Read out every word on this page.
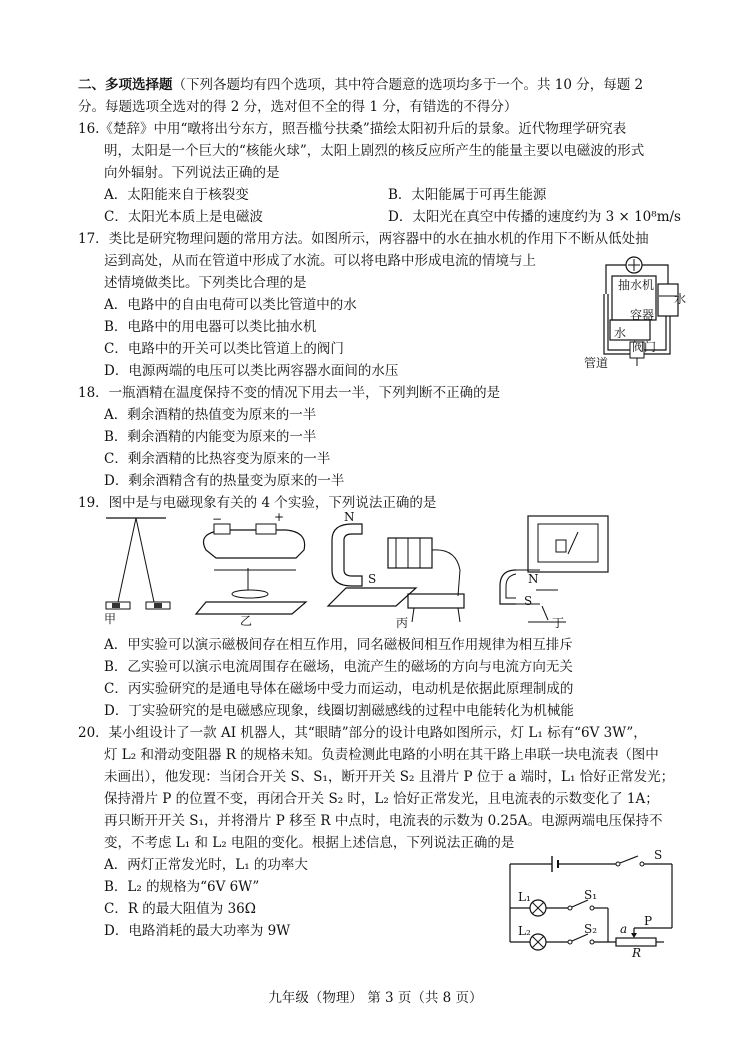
二、多项选择题（下列各题均有四个选项，其中符合题意的选项均多于一个。共 10 分，每题 2
分。每题选项全选对的得 2 分，选对但不全的得 1 分，有错选的不得分）
16.《楚辞》中用“暾将出兮东方，照吾槛兮扶桑”描绘太阳初升后的景象。近代物理学研究表
明，太阳是一个巨大的“核能火球”，太阳上剧烈的核反应所产生的能量主要以电磁波的形式
向外辐射。下列说法正确的是
A．太阳能来自于核裂变	B．太阳能属于可再生能源
C．太阳光本质上是电磁波	D．太阳光在真空中传播的速度约为 3 × 10⁸m/s
17．类比是研究物理问题的常用方法。如图所示，两容器中的水在抽水机的作用下不断从低处抽
运到高处，从而在管道中形成了水流。可以将电路中形成电流的情境与上
述情境做类比。下列类比合理的是
A．电路中的自由电荷可以类比管道中的水
B．电路中的用电器可以类比抽水机
C．电路中的开关可以类比管道上的阀门
D．电源两端的电压可以类比两容器水面间的水压
抽水机
水
容器
水
阀门
管道
18．一瓶酒精在温度保持不变的情况下用去一半，下列判断不正确的是
A．剩余酒精的热值变为原来的一半
B．剩余酒精的内能变为原来的一半
C．剩余酒精的比热容变为原来的一半
D．剩余酒精含有的热量变为原来的一半
19．图中是与电磁现象有关的 4 个实验，下列说法正确的是
甲	乙	丙	丁
−	+	N
S	N
S
A．甲实验可以演示磁极间存在相互作用，同名磁极间相互作用规律为相互排斥
B．乙实验可以演示电流周围存在磁场，电流产生的磁场的方向与电流方向无关
C．丙实验研究的是通电导体在磁场中受力而运动，电动机是依据此原理制成的
D．丁实验研究的是电磁感应现象，线圈切割磁感线的过程中电能转化为机械能
20．某小组设计了一款 AI 机器人，其“眼睛”部分的设计电路如图所示，灯 L₁ 标有“6V 3W”，
灯 L₂ 和滑动变阻器 R 的规格未知。负责检测此电路的小明在其干路上串联一块电流表（图中
未画出），他发现：当闭合开关 S、S₁，断开开关 S₂ 且滑片 P 位于 a 端时，L₁ 恰好正常发光；
保持滑片 P 的位置不变，再闭合开关 S₂ 时，L₂ 恰好正常发光，且电流表的示数变化了 1A；
再只断开开关 S₁，并将滑片 P 移至 R 中点时，电流表的示数为 0.25A。电源两端电压保持不
变，不考虑 L₁ 和 L₂ 电阻的变化。根据上述信息，下列说法正确的是
A．两灯正常发光时，L₁ 的功率大
B．L₂ 的规格为“6V 6W”
C．R 的最大阻值为 36Ω
D．电路消耗的最大功率为 9W
S
L₁	S₁
L₂	S₂ a
P
R
九年级（物理） 第 3 页（共 8 页）
